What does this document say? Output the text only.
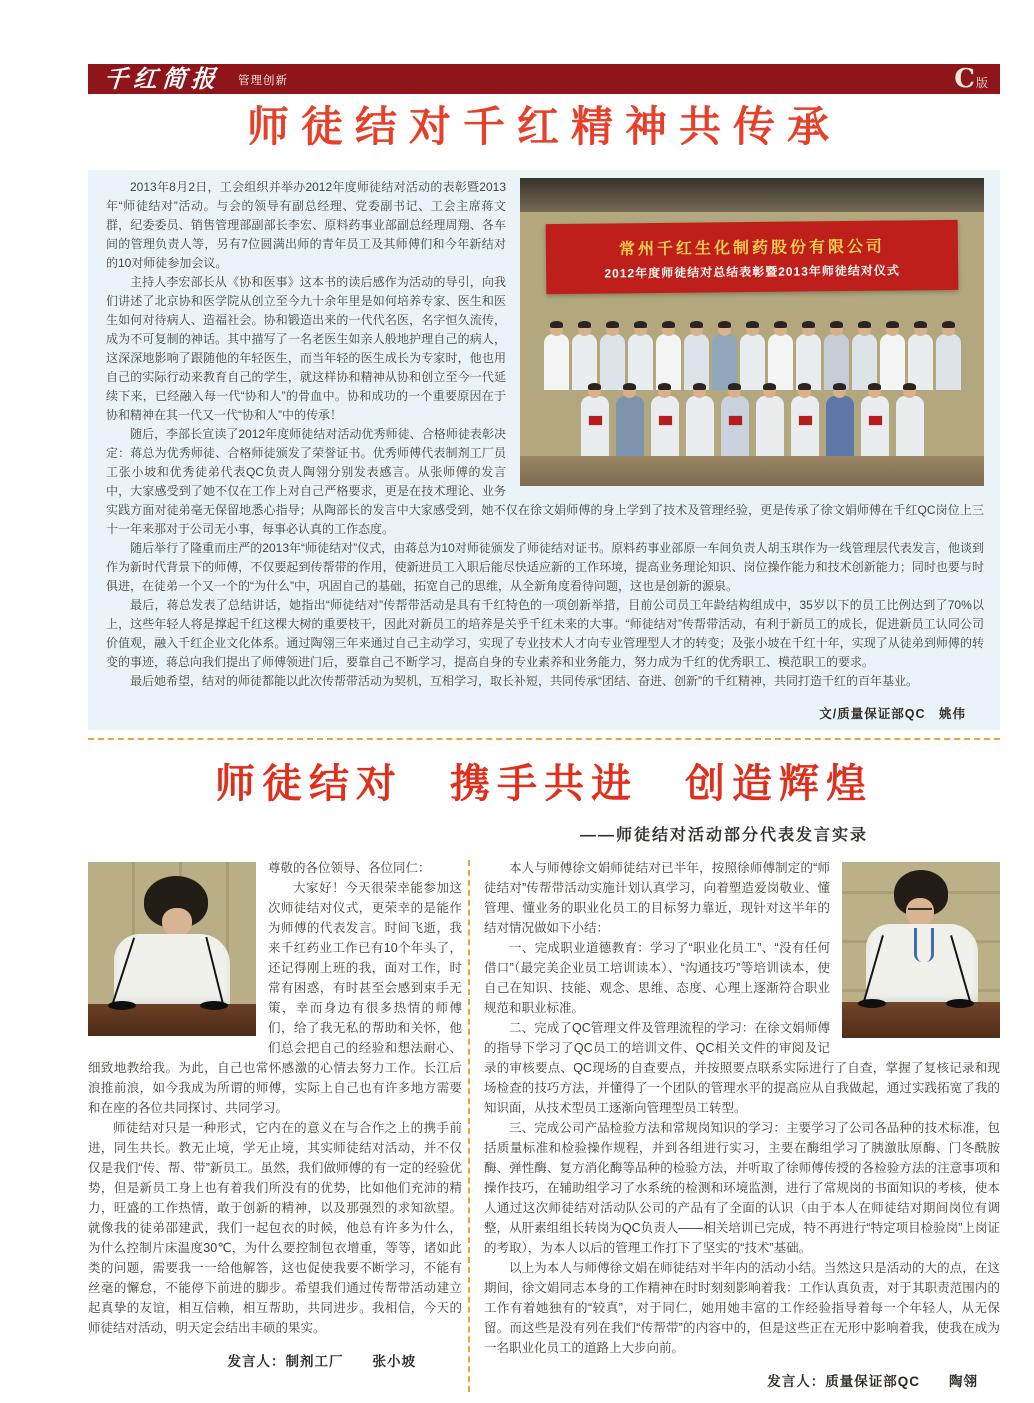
千红简报 管理创新	C 版
师徒结对千红精神共传承
常州千红生化制药股份有限公司
2012年度师徒结对总结表彰暨2013年师徒结对仪式

2013年8月2日，工会组织并举办2012年度师徒结对活动的表彰暨2013年“师徒结对”活动。与会的领导有副总经理、党委副书记、工会主席蒋文群，纪委委员、销售管理部副部长李宏、原料药事业部副总经理周翔、各车间的管理负责人等，另有7位圆满出师的青年员工及其师傅们和今年新结对的10对师徒参加会议。

主持人李宏部长从《协和医事》这本书的读后感作为活动的导引，向我们讲述了北京协和医学院从创立至今九十余年里是如何培养专家、医生和医生如何对待病人、造福社会。协和锻造出来的一代代名医，名字恒久流传，成为不可复制的神话。其中描写了一名老医生如亲人般地护理自己的病人，这深深地影响了跟随他的年轻医生，而当年轻的医生成长为专家时，他也用自己的实际行动来教育自己的学生，就这样协和精神从协和创立至今一代延续下来，已经融入每一代“协和人”的骨血中。协和成功的一个重要原因在于协和精神在其一代又一代“协和人”中的传承！

随后，李部长宣读了2012年度师徒结对活动优秀师徒、合格师徒表彰决定：蒋总为优秀师徒、合格师徒颁发了荣誉证书。优秀师傅代表制剂工厂员工张小坡和优秀徒弟代表QC负责人陶翎分别发表感言。从张师傅的发言中，大家感受到了她不仅在工作上对自己严格要求，更是在技术理论、业务实践方面对徒弟毫无保留地悉心指导；从陶部长的发言中大家感受到，她不仅在徐文娟师傅的身上学到了技术及管理经验，更是传承了徐文娟师傅在千红QC岗位上三十一年来那对于公司无小事，每事必认真的工作态度。

随后举行了隆重而庄严的2013年“师徒结对”仪式，由蒋总为10对师徒颁发了师徒结对证书。原料药事业部原一车间负责人胡玉琪作为一线管理层代表发言，他谈到作为新时代背景下的师傅，不仅要起到传帮带的作用，使新进员工入职后能尽快适应新的工作环境，提高业务理论知识、岗位操作能力和技术创新能力；同时也要与时俱进，在徒弟一个又一个的“为什么”中，巩固自己的基础，拓宽自己的思维，从全新角度看待问题，这也是创新的源泉。

最后，蒋总发表了总结讲话，她指出“师徒结对”传帮带活动是具有千红特色的一项创新举措，目前公司员工年龄结构组成中，35岁以下的员工比例达到了70%以上，这些年轻人将是撑起千红这棵大树的重要枝干，因此对新员工的培养是关乎千红未来的大事。“师徒结对”传帮带活动，有利于新员工的成长，促进新员工认同公司价值观，融入千红企业文化体系。通过陶翎三年来通过自己主动学习，实现了专业技术人才向专业管理型人才的转变；及张小坡在千红十年，实现了从徒弟到师傅的转变的事迹，蒋总向我们提出了师傅领进门后，要靠自己不断学习，提高自身的专业素养和业务能力，努力成为千红的优秀职工、模范职工的要求。

最后她希望，结对的师徒都能以此次传帮带活动为契机，互相学习，取长补短，共同传承“团结、奋进、创新”的千红精神，共同打造千红的百年基业。

文/质量保证部QC　姚伟
师徒结对　携手共进　创造辉煌
——师徒结对活动部分代表发言实录

尊敬的各位领导、各位同仁：

大家好！今天很荣幸能参加这次师徒结对仪式，更荣幸的是能作为师傅的代表发言。时间飞逝，我来千红药业工作已有10个年头了，还记得刚上班的我，面对工作，时常有困惑，有时甚至会感到束手无策，幸而身边有很多热情的师傅们，给了我无私的帮助和关怀，他们总会把自己的经验和想法耐心、细致地教给我。为此，自己也常怀感激的心情去努力工作。长江后浪推前浪，如今我成为所谓的师傅，实际上自己也有许多地方需要和在座的各位共同探讨、共同学习。

师徒结对只是一种形式，它内在的意义在与合作之上的携手前进，同生共长。教无止境，学无止境，其实师徒结对活动，并不仅仅是我们“传、帮、带”新员工。虽然，我们做师傅的有一定的经验优势，但是新员工身上也有着我们所没有的优势，比如他们充沛的精力，旺盛的工作热情，敢于创新的精神，以及那强烈的求知欲望。就像我的徒弟邵建武，我们一起包衣的时候，他总有许多为什么，为什么控制片床温度30℃，为什么要控制包衣增重，等等，诸如此类的问题，需要我一一给他解答，这也促使我要不断学习，不能有丝毫的懈怠，不能停下前进的脚步。希望我们通过传帮带活动建立起真挚的友谊，相互信赖，相互帮助，共同进步。我相信，今天的师徒结对活动，明天定会结出丰硕的果实。

发言人：制剂工厂　　张小坡

本人与师傅徐文娟师徒结对已半年，按照徐师傅制定的“师徒结对”传帮带活动实施计划认真学习，向着塑造爱岗敬业、懂管理、懂业务的职业化员工的目标努力靠近，现针对这半年的结对情况做如下小结：

一、完成职业道德教育：学习了“职业化员工”、“没有任何借口”（最完美企业员工培训读本）、“沟通技巧”等培训读本，使自己在知识、技能、观念、思维、态度、心理上逐渐符合职业规范和职业标准。

二、完成了QC管理文件及管理流程的学习：在徐文娟师傅的指导下学习了QC员工的培训文件、QC相关文件的审阅及记录的审核要点、QC现场的自查要点，并按照要点联系实际进行了自查，掌握了复核记录和现场检查的技巧方法，并懂得了一个团队的管理水平的提高应从自我做起，通过实践拓宽了我的知识面，从技术型员工逐渐向管理型员工转型。

三、完成公司产品检验方法和常规岗知识的学习：主要学习了公司各品种的技术标准，包括质量标准和检验操作规程，并到各组进行实习，主要在酶组学习了胰激肽原酶、门冬酰胺酶、弹性酶、复方消化酶等品种的检验方法，并听取了徐师傅传授的各检验方法的注意事项和操作技巧，在辅助组学习了水系统的检测和环境监测，进行了常规岗的书面知识的考核，使本人通过这次师徒结对活动队公司的产品有了全面的认识（由于本人在师徒结对期间岗位有调整，从肝素组组长转岗为QC负责人——相关培训已完成，特不再进行“特定项目检验岗”上岗证的考取），为本人以后的管理工作打下了坚实的“技术”基础。

以上为本人与师傅徐文娟在师徒结对半年内的活动小结。当然这只是活动的大的点，在这期间，徐文娟同志本身的工作精神在时时刻刻影响着我：工作认真负责，对于其职责范围内的工作有着她独有的“较真”，对于同仁，她用她丰富的工作经验指导着每一个年轻人，从无保留。而这些是没有列在我们“传帮带”的内容中的，但是这些正在无形中影响着我，使我在成为一名职业化员工的道路上大步向前。

发言人：质量保证部QC　　陶翎
